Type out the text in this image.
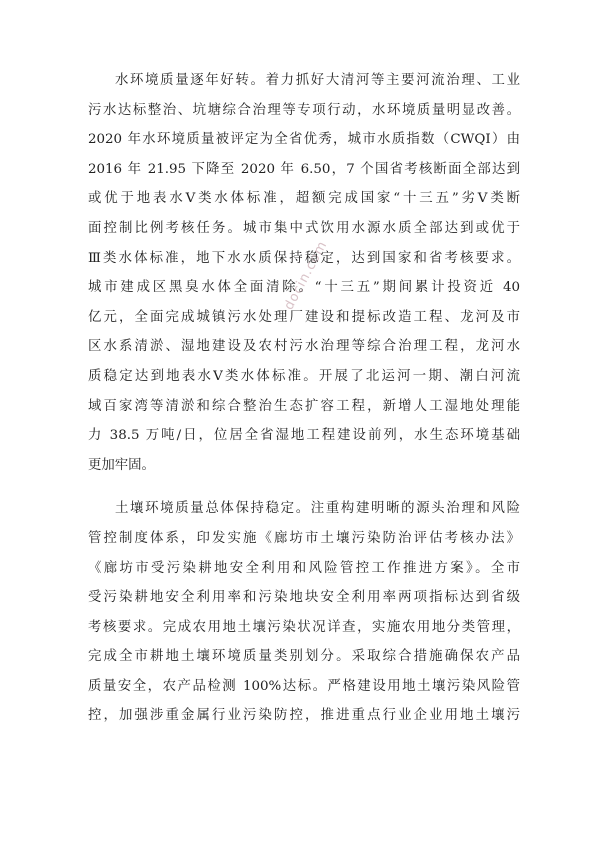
docin.com
水环境质量逐年好转。着力抓好大清河等主要河流治理、工业
污水达标整治、坑塘综合治理等专项行动，水环境质量明显改善。
2020 年水环境质量被评定为全省优秀，城市水质指数（CWQI）由
2016 年 21.95 下降至 2020 年 6.50，7 个国省考核断面全部达到
或优于地表水Ⅴ类水体标准，超额完成国家“十三五”劣Ⅴ类断
面控制比例考核任务。城市集中式饮用水源水质全部达到或优于
Ⅲ类水体标准，地下水水质保持稳定，达到国家和省考核要求。
城市建成区黑臭水体全面清除。“十三五”期间累计投资近 40
亿元，全面完成城镇污水处理厂建设和提标改造工程、龙河及市
区水系清淤、湿地建设及农村污水治理等综合治理工程，龙河水
质稳定达到地表水Ⅴ类水体标准。开展了北运河一期、潮白河流
域百家湾等清淤和综合整治生态扩容工程，新增人工湿地处理能
力 38.5 万吨/日，位居全省湿地工程建设前列，水生态环境基础
更加牢固。
土壤环境质量总体保持稳定。注重构建明晰的源头治理和风险
管控制度体系，印发实施《廊坊市土壤污染防治评估考核办法》
《廊坊市受污染耕地安全利用和风险管控工作推进方案》。全市
受污染耕地安全利用率和污染地块安全利用率两项指标达到省级
考核要求。完成农用地土壤污染状况详查，实施农用地分类管理，
完成全市耕地土壤环境质量类别划分。采取综合措施确保农产品
质量安全，农产品检测 100%达标。严格建设用地土壤污染风险管
控，加强涉重金属行业污染防控，推进重点行业企业用地土壤污
